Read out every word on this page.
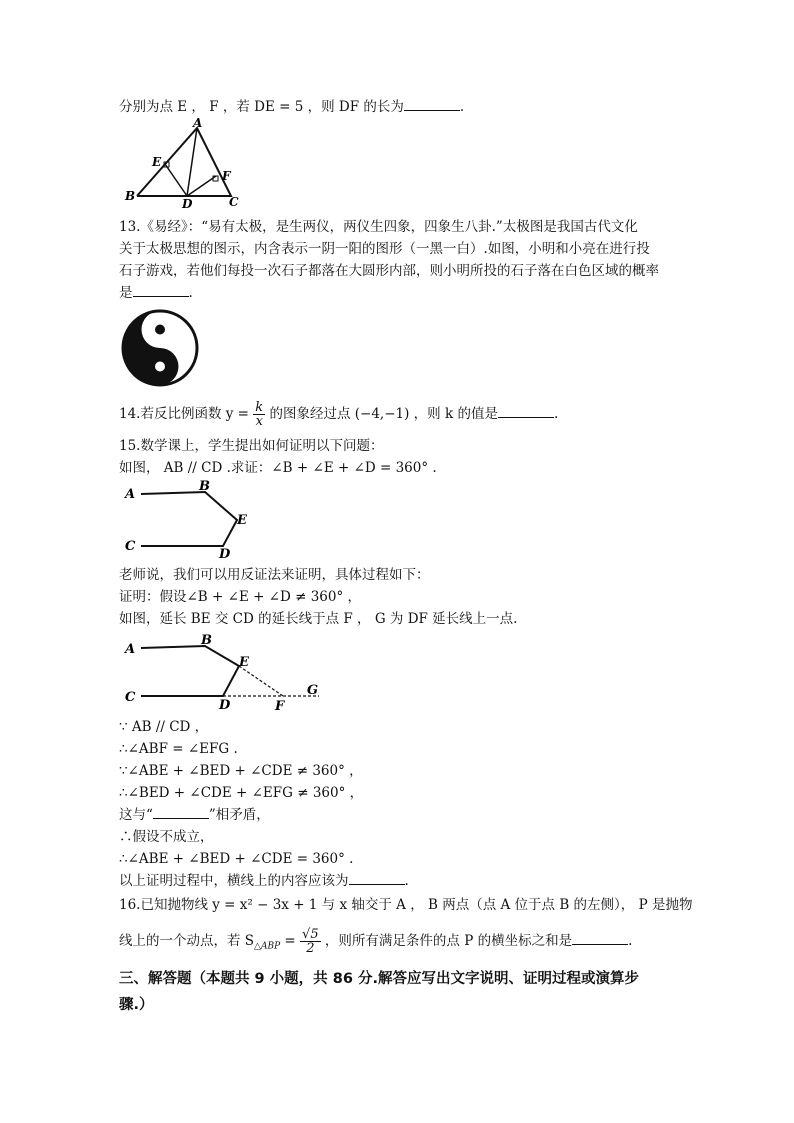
分别为点 E ， F ，若 DE = 5 ，则 DF 的长为	.
A
B	C
D
E
F
13.《易经》：“易有太极，是生两仪，两仪生四象，四象生八卦.”太极图是我国古代文化
关于太极思想的图示，内含表示一阴一阳的图形（一黑一白）.如图，小明和小亮在进行投
石子游戏，若他们每投一次石子都落在大圆形内部，则小明所投的石子落在白色区域的概率
是	.
14.若反比例函数 $y = \frac{k}{x}$ 的图象经过点 (−4,−1) ，则 k 的值是	.
15.数学课上，学生提出如何证明以下问题：
如图， AB // CD .求证：∠B + ∠E + ∠D = 360° .
A
B
E
C
D
老师说，我们可以用反证法来证明，具体过程如下：
证明：假设∠B + ∠E + ∠D ≠ 360° ，
如图，延长 BE 交 CD 的延长线于点 F ， G 为 DF 延长线上一点.
A
B
E
C
D	F
G
∵ AB // CD ，
∴∠ABF = ∠EFG .
∵∠ABE + ∠BED + ∠CDE ≠ 360° ，
∴∠BED + ∠CDE + ∠EFG ≠ 360° ，
这与“	”相矛盾，
∴假设不成立，
∴∠ABE + ∠BED + ∠CDE = 360° .
以上证明过程中，横线上的内容应该为	.
16.已知抛物线 y = x² − 3x + 1 与 x 轴交于 A ， B 两点（点 A 位于点 B 的左侧）， P 是抛物
线上的一个动点，若 $S_{\triangle ABP} = \frac{√5}{2}$ ，则所有满足条件的点 P 的横坐标之和是	.
三、解答题（本题共 9 小题，共 86 分.解答应写出文字说明、证明过程或演算步
骤.）
